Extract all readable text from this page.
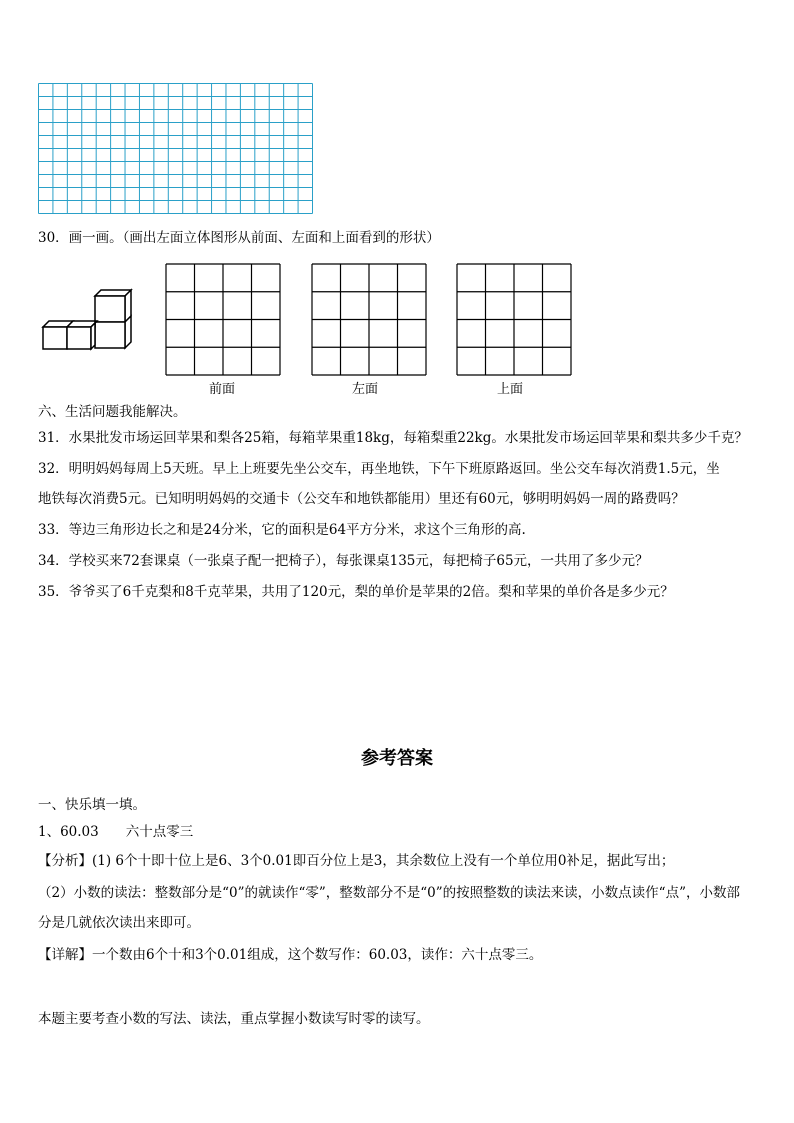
30．画一画。（画出左面立体图形从前面、左面和上面看到的形状）
前面	左面	上面
六、生活问题我能解决。
31．水果批发市场运回苹果和梨各25箱，每箱苹果重18kg，每箱梨重22kg。水果批发市场运回苹果和梨共多少千克？
32．明明妈妈每周上5天班。早上上班要先坐公交车，再坐地铁，下午下班原路返回。坐公交车每次消费1.5元，坐
地铁每次消费5元。已知明明妈妈的交通卡（公交车和地铁都能用）里还有60元，够明明妈妈一周的路费吗？
33．等边三角形边长之和是24分米，它的面积是64平方分米，求这个三角形的高.
34．学校买来72套课桌（一张桌子配一把椅子），每张课桌135元，每把椅子65元，一共用了多少元？
35．爷爷买了6千克梨和8千克苹果，共用了120元，梨的单价是苹果的2倍。梨和苹果的单价各是多少元？
参考答案
一、快乐填一填。
1、60.03　　六十点零三
【分析】(1) 6个十即十位上是6、3个0.01即百分位上是3，其余数位上没有一个单位用0补足，据此写出；
（2）小数的读法：整数部分是“0”的就读作“零”，整数部分不是“0”的按照整数的读法来读，小数点读作“点”，小数部
分是几就依次读出来即可。
【详解】一个数由6个十和3个0.01组成，这个数写作：60.03，读作：六十点零三。
本题主要考查小数的写法、读法，重点掌握小数读写时零的读写。
